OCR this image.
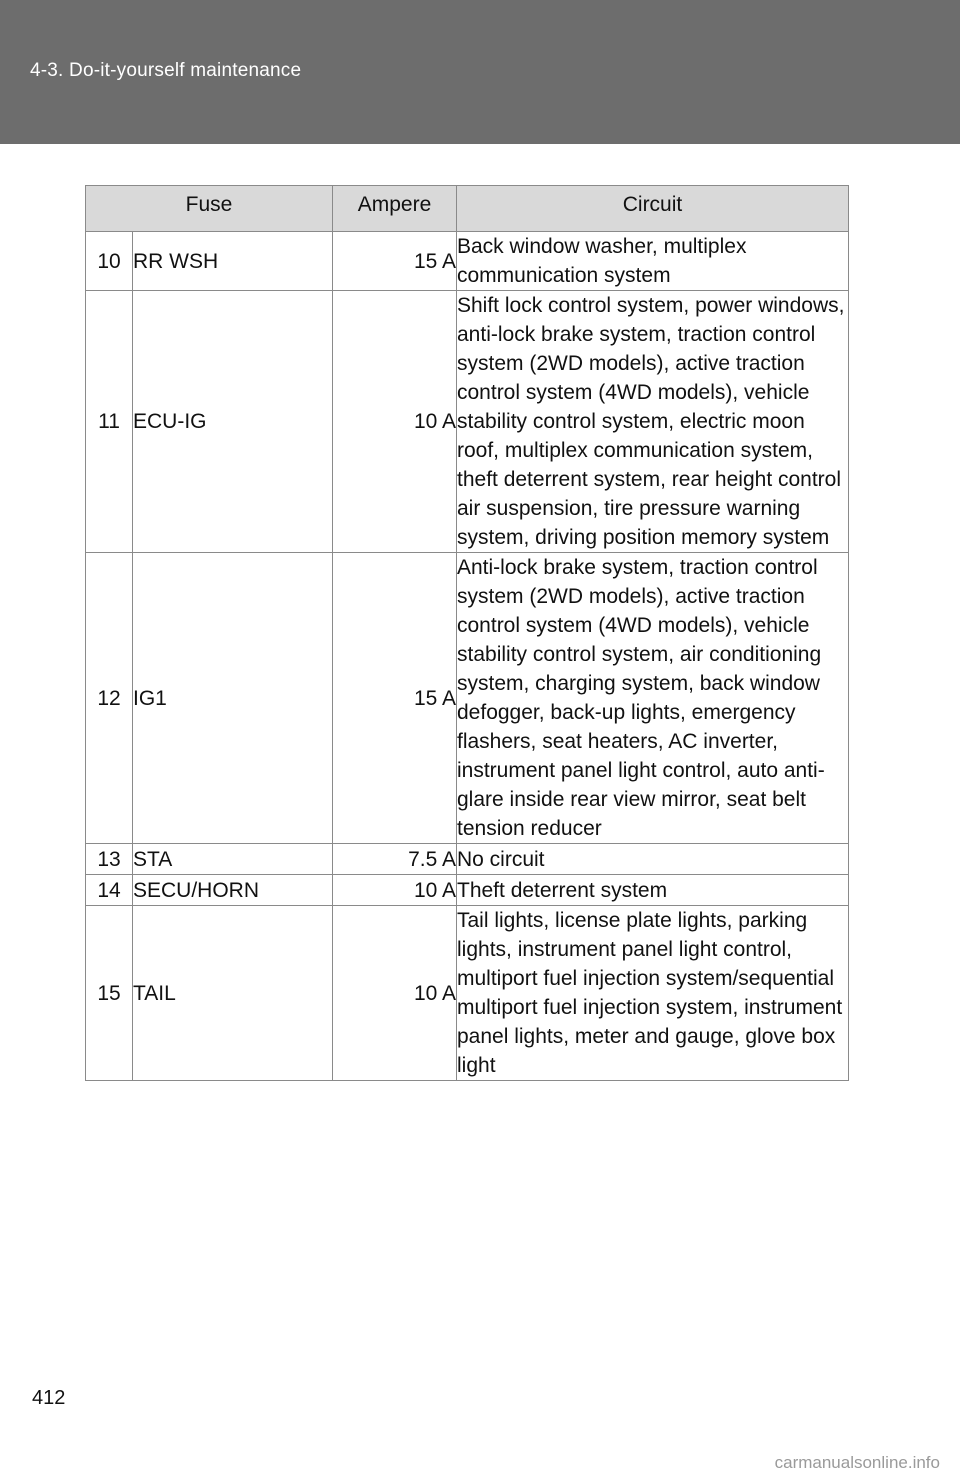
4-3. Do-it-yourself maintenance
Fuse		Ampere	Circuit
10	RR WSH	15 A	Back window washer, multiplex communication system
11	ECU-IG	10 A	Shift lock control system, power windows, anti-lock brake system, traction control system (2WD models), active traction control system (4WD models), vehicle stability control system, electric moon roof, multiplex communication system, theft deterrent system, rear height control air suspension, tire pressure warning system, driving position memory system
12	IG1	15 A	Anti-lock brake system, traction control system (2WD models), active traction control system (4WD models), vehicle stability control system, air conditioning system, charging system, back window defogger, back-up lights, emergency flashers, seat heaters, AC inverter, instrument panel light control, auto anti-glare inside rear view mirror, seat belt tension reducer
13	STA	7.5 A	No circuit
14	SECU/HORN	10 A	Theft deterrent system
15	TAIL	10 A	Tail lights, license plate lights, parking lights, instrument panel light control, multiport fuel injection system/sequential multiport fuel injection system, instrument panel lights, meter and gauge, glove box light
412
carmanualsonline.info
